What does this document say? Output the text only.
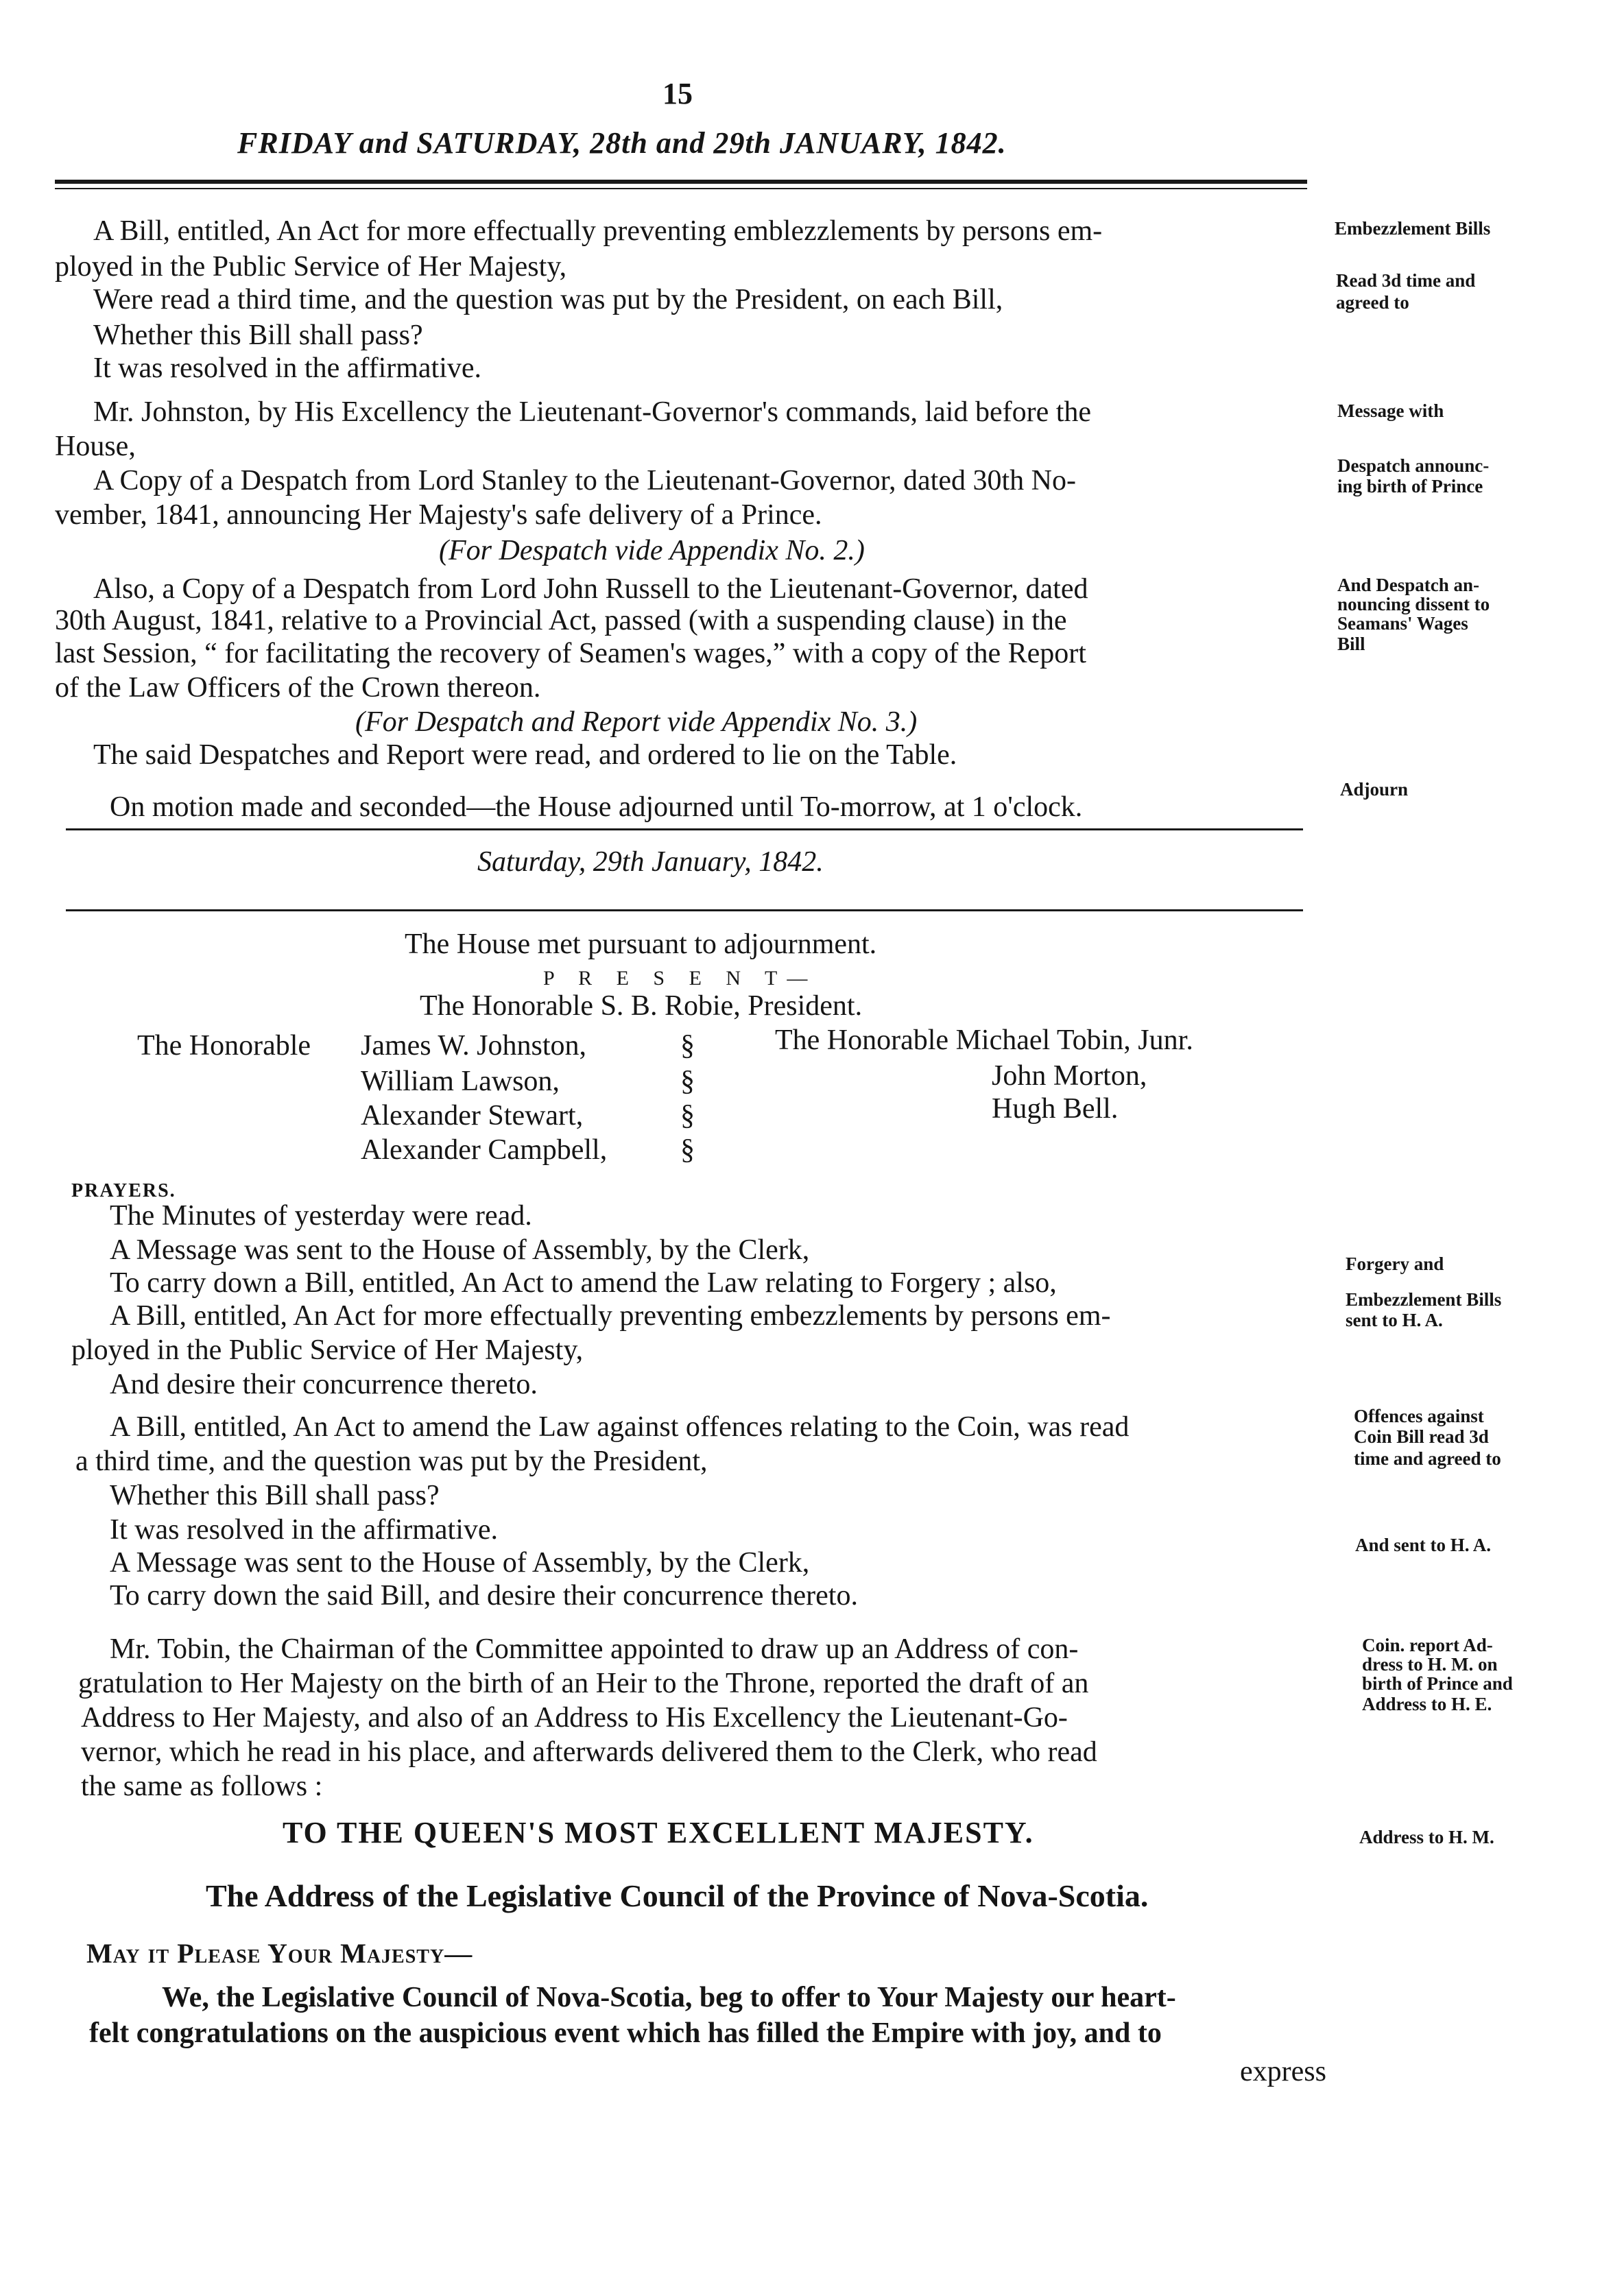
15
FRIDAY and SATURDAY, 28th and 29th JANUARY, 1842.
A Bill, entitled, An Act for more effectually preventing emblezzlements by persons em-
ployed in the Public Service of Her Majesty,
Were read a third time, and the question was put by the President, on each Bill,
Whether this Bill shall pass?
It was resolved in the affirmative.
Mr. Johnston, by His Excellency the Lieutenant-Governor's commands, laid before the
House,
A Copy of a Despatch from Lord Stanley to the Lieutenant-Governor, dated 30th No-
vember, 1841, announcing Her Majesty's safe delivery of a Prince.
(For Despatch vide Appendix No. 2.)
Also, a Copy of a Despatch from Lord John Russell to the Lieutenant-Governor, dated
30th August, 1841, relative to a Provincial Act, passed (with a suspending clause) in the
last Session, “ for facilitating the recovery of Seamen's wages,” with a copy of the Report
of the Law Officers of the Crown thereon.
(For Despatch and Report vide Appendix No. 3.)
The said Despatches and Report were read, and ordered to lie on the Table.
On motion made and seconded—the House adjourned until To-morrow, at 1 o'clock.
Saturday, 29th January, 1842.
The House met pursuant to adjournment.
P R E S E N T—
The Honorable S. B. Robie, President.
The Honorable James W. Johnston,
William Lawson,
Alexander Stewart,
Alexander Campbell,
§
§
§
§
The Honorable Michael Tobin, Junr.
John Morton,
Hugh Bell.
PRAYERS.
The Minutes of yesterday were read.
A Message was sent to the House of Assembly, by the Clerk,
To carry down a Bill, entitled, An Act to amend the Law relating to Forgery ; also,
A Bill, entitled, An Act for more effectually preventing embezzlements by persons em-
ployed in the Public Service of Her Majesty,
And desire their concurrence thereto.
A Bill, entitled, An Act to amend the Law against offences relating to the Coin, was read
a third time, and the question was put by the President,
Whether this Bill shall pass?
It was resolved in the affirmative.
A Message was sent to the House of Assembly, by the Clerk,
To carry down the said Bill, and desire their concurrence thereto.
Mr. Tobin, the Chairman of the Committee appointed to draw up an Address of con-
gratulation to Her Majesty on the birth of an Heir to the Throne, reported the draft of an
Address to Her Majesty, and also of an Address to His Excellency the Lieutenant-Go-
vernor, which he read in his place, and afterwards delivered them to the Clerk, who read
the same as follows :
TO THE QUEEN'S MOST EXCELLENT MAJESTY.
The Address of the Legislative Council of the Province of Nova-Scotia.
May it Please Your Majesty—
We, the Legislative Council of Nova-Scotia, beg to offer to Your Majesty our heart-
felt congratulations on the auspicious event which has filled the Empire with joy, and to
express
Embezzlement Bills
Read 3d time and
agreed to
Message with
Despatch announc-
ing birth of Prince
And Despatch an-
nouncing dissent to
Seamans' Wages
Bill
Adjourn
Forgery and
Embezzlement Bills
sent to H. A.
Offences against
Coin Bill read 3d
time and agreed to
And sent to H. A.
Coin. report Ad-
dress to H. M. on
birth of Prince and
Address to H. E.
Address to H. M.
